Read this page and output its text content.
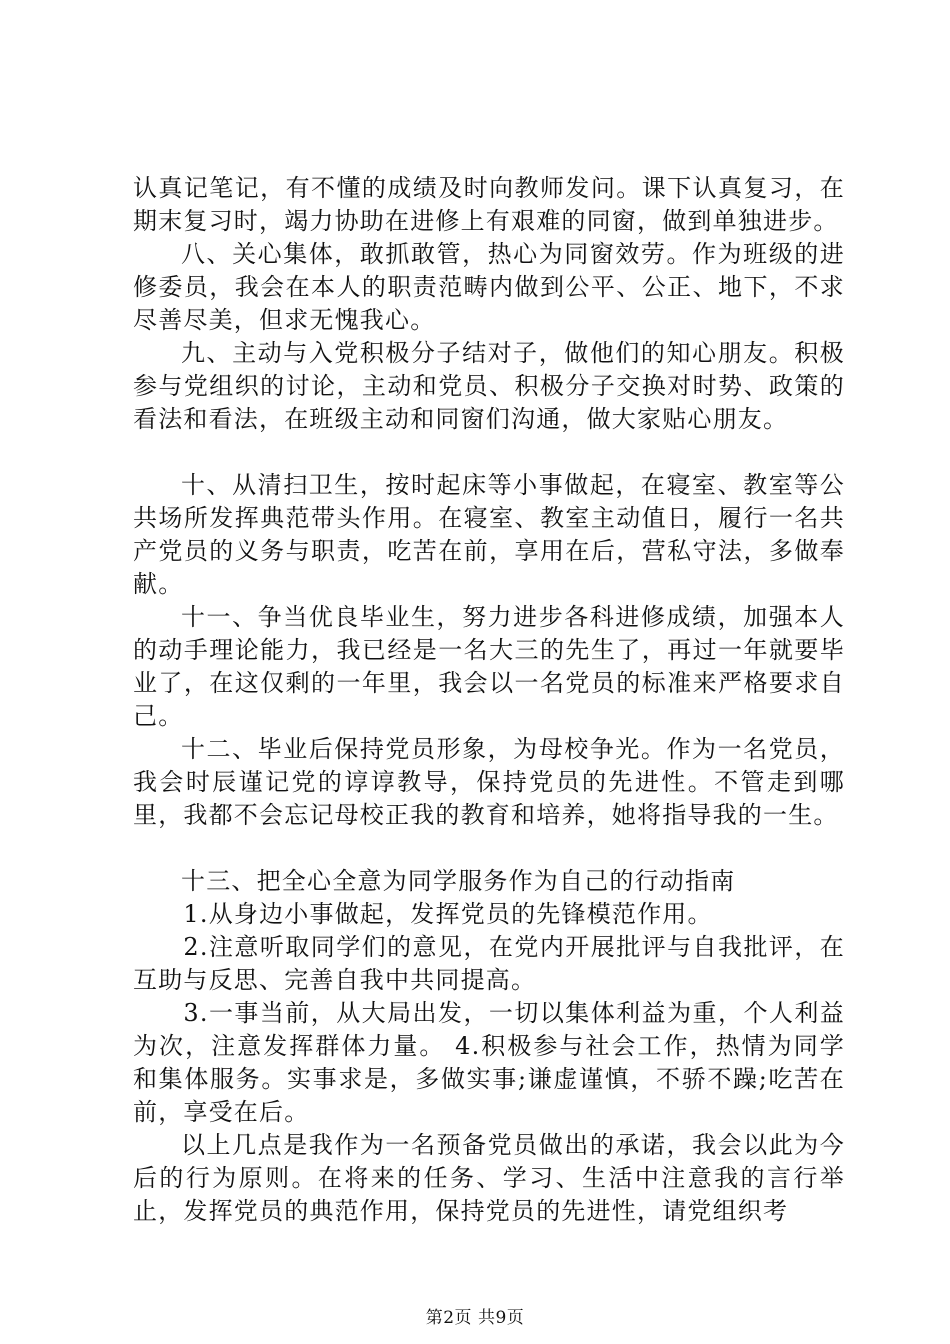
认真记笔记，有不懂的成绩及时向教师发问。课下认真复习，在期末复习时，竭力协助在进修上有艰难的同窗，做到单独进步。

八、关心集体，敢抓敢管，热心为同窗效劳。作为班级的进修委员，我会在本人的职责范畴内做到公平、公正、地下，不求尽善尽美，但求无愧我心。

九、主动与入党积极分子结对子，做他们的知心朋友。积极参与党组织的讨论，主动和党员、积极分子交换对时势、政策的看法和看法，在班级主动和同窗们沟通，做大家贴心朋友。

十、从清扫卫生，按时起床等小事做起，在寝室、教室等公共场所发挥典范带头作用。在寝室、教室主动值日，履行一名共产党员的义务与职责，吃苦在前，享用在后，营私守法，多做奉献。

十一、争当优良毕业生，努力进步各科进修成绩，加强本人的动手理论能力，我已经是一名大三的先生了，再过一年就要毕业了，在这仅剩的一年里，我会以一名党员的标准来严格要求自己。

十二、毕业后保持党员形象，为母校争光。作为一名党员，我会时辰谨记党的谆谆教导，保持党员的先进性。不管走到哪里，我都不会忘记母校正我的教育和培养，她将指导我的一生。

十三、把全心全意为同学服务作为自己的行动指南

1.从身边小事做起，发挥党员的先锋模范作用。

2.注意听取同学们的意见，在党内开展批评与自我批评，在互助与反思、完善自我中共同提高。

3.一事当前，从大局出发，一切以集体利益为重，个人利益为次，注意发挥群体力量。 4.积极参与社会工作，热情为同学和集体服务。实事求是，多做实事;谦虚谨慎，不骄不躁;吃苦在前，享受在后。

以上几点是我作为一名预备党员做出的承诺，我会以此为今后的行为原则。在将来的任务、学习、生活中注意我的言行举止，发挥党员的典范作用，保持党员的先进性，请党组织考

第2页 共9页
